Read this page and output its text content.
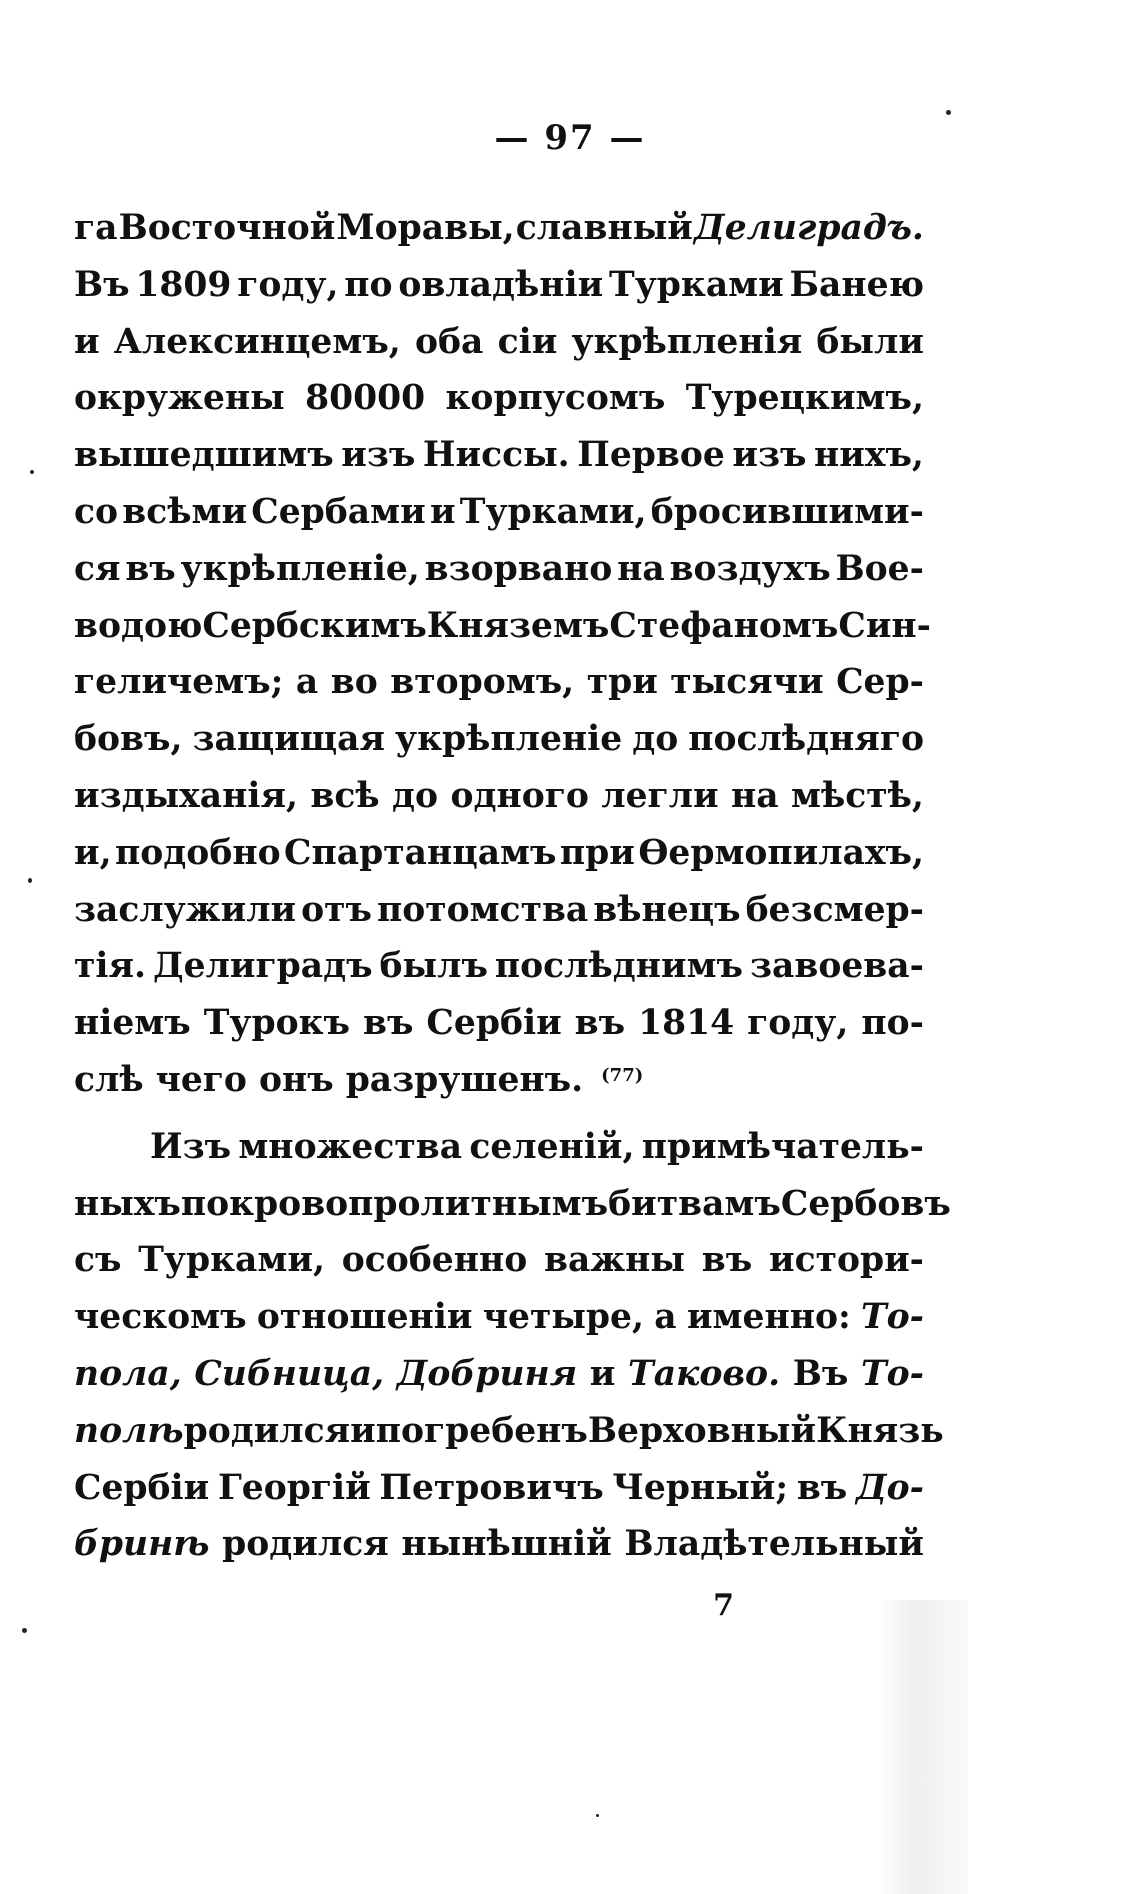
— 97 —
га Восточной Моравы, славный Делиградъ.
Въ 1809 году, по овладѣніи Турками Банею
и Алексинцемъ, оба сіи укрѣпленія были
окружены 80000 корпусомъ Турецкимъ,
вышедшимъ изъ Ниссы. Первое изъ нихъ,
со всѣми Сербами и Турками, бросившими-
ся въ укрѣпленіе, взорвано на воздухъ Вое-
водою Сербскимъ Княземъ Стефаномъ Син-
геличемъ; а во второмъ, три тысячи Сер-
бовъ, защищая укрѣпленіе до послѣдняго
издыханія, всѣ до одного легли на мѣстѣ,
и, подобно Спартанцамъ при Ѳермопилахъ,
заслужили отъ потомства вѣнецъ безсмер-
тія. Делиградъ былъ послѣднимъ завоева-
ніемъ Турокъ въ Сербіи въ 1814 году, по-
слѣ чего онъ разрушенъ. $^{(77)}$
Изъ множества селеній, примѣчатель-
ныхъ по кровопролитнымъ битвамъ Сербовъ
съ Турками, особенно важны въ истори-
ческомъ отношеніи четыре, а именно: То-
пола, Сибница, Добриня и Таково. Въ То-
полѣ родился и погребенъ Верховный Князь
Сербіи Георгій Петровичъ Черный; въ До-
бринѣ родился нынѣшній Владѣтельный
7
